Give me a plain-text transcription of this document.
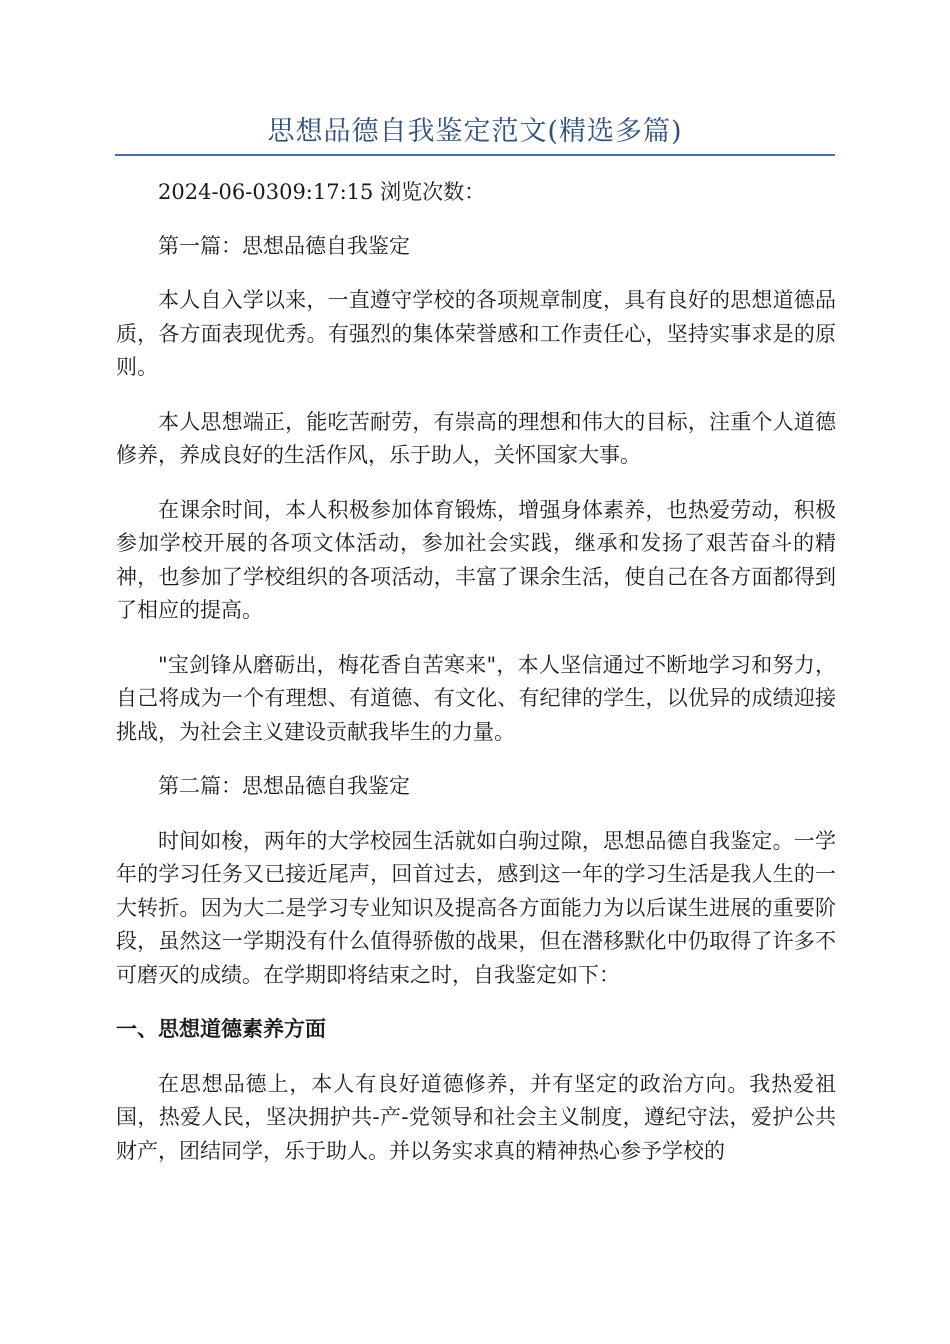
思想品德自我鉴定范文(精选多篇)

2024-06-0309:17:15 浏览次数：

第一篇：思想品德自我鉴定

本人自入学以来，一直遵守学校的各项规章制度，具有良好的思想道德品质，各方面表现优秀。有强烈的集体荣誉感和工作责任心，坚持实事求是的原则。

本人思想端正，能吃苦耐劳，有崇高的理想和伟大的目标，注重个人道德修养，养成良好的生活作风，乐于助人，关怀国家大事。

在课余时间，本人积极参加体育锻炼，增强身体素养，也热爱劳动，积极参加学校开展的各项文体活动，参加社会实践，继承和发扬了艰苦奋斗的精神，也参加了学校组织的各项活动，丰富了课余生活，使自己在各方面都得到了相应的提高。

"宝剑锋从磨砺出，梅花香自苦寒来"，本人坚信通过不断地学习和努力，自己将成为一个有理想、有道德、有文化、有纪律的学生，以优异的成绩迎接挑战，为社会主义建设贡献我毕生的力量。

第二篇：思想品德自我鉴定

时间如梭，两年的大学校园生活就如白驹过隙，思想品德自我鉴定。一学年的学习任务又已接近尾声，回首过去，感到这一年的学习生活是我人生的一大转折。因为大二是学习专业知识及提高各方面能力为以后谋生进展的重要阶段，虽然这一学期没有什么值得骄傲的战果，但在潜移默化中仍取得了许多不可磨灭的成绩。在学期即将结束之时，自我鉴定如下：

一、思想道德素养方面

在思想品德上，本人有良好道德修养，并有坚定的政治方向。我热爱祖国，热爱人民，坚决拥护共-产-党领导和社会主义制度，遵纪守法，爱护公共财产，团结同学，乐于助人。并以务实求真的精神热心参予学校的
